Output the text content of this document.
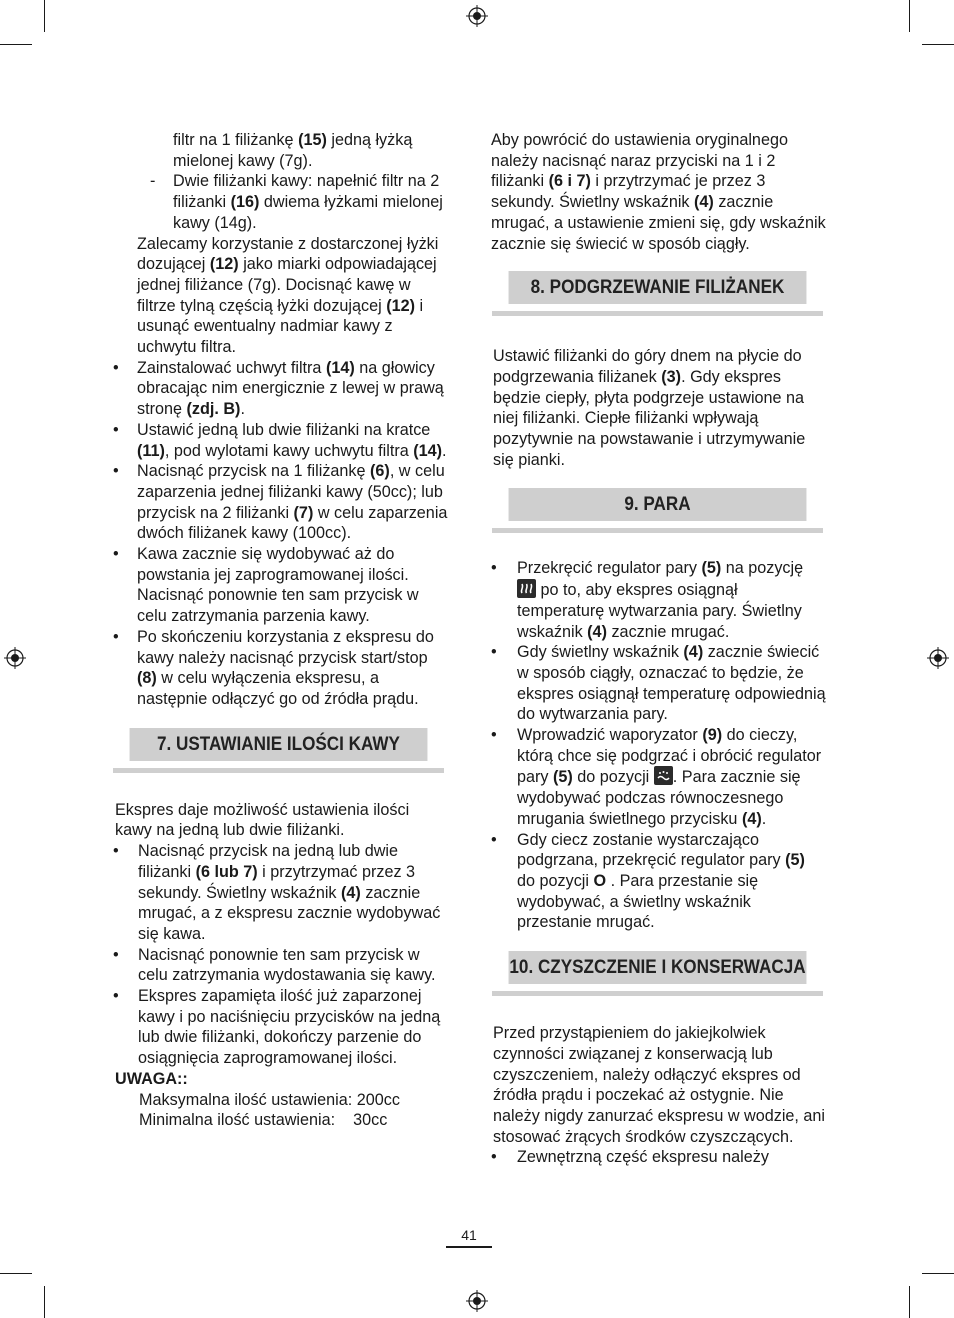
filtr na 1 filiżankę (15) jedną łyżką mielonej kawy (7g).

- Dwie filiżanki kawy: napełnić filtr na 2 filiżanki (16) dwiema łyżkami mielonej kawy (14g).

Zalecamy korzystanie z dostarczonej łyżki dozującej (12) jako miarki odpowiadającej jednej filiżance (7g). Docisnąć kawę w filtrze tylną częścią łyżki dozującej (12) i usunąć ewentualny nadmiar kawy z uchwytu filtra.

• Zainstalować uchwyt filtra (14) na głowicy obracając nim energicznie z lewej w prawą stronę (zdj. B).

• Ustawić jedną lub dwie filiżanki na kratce (11), pod wylotami kawy uchwytu filtra (14).

• Nacisnąć przycisk na 1 filiżankę (6), w celu zaparzenia jednej filiżanki kawy (50cc); lub przycisk na 2 filiżanki (7) w celu zaparzenia dwóch filiżanek kawy (100cc).

• Kawa zacznie się wydobywać aż do powstania jej zaprogramowanej ilości. Nacisnąć ponownie ten sam przycisk w celu zatrzymania parzenia kawy.

• Po skończeniu korzystania z ekspresu do kawy należy nacisnąć przycisk start/stop (8) w celu wyłączenia ekspresu, a następnie odłączyć go od źródła prądu.

7. USTAWIANIE ILOŚCI KAWY

Ekspres daje możliwość ustawienia ilości kawy na jedną lub dwie filiżanki.

• Nacisnąć przycisk na jedną lub dwie filiżanki (6 lub 7) i przytrzymać przez 3 sekundy. Świetlny wskaźnik (4) zacznie mrugać, a z ekspresu zacznie wydobywać się kawa.

• Nacisnąć ponownie ten sam przycisk w celu zatrzymania wydostawania się kawy.

• Ekspres zapamięta ilość już zaparzonej kawy i po naciśnięciu przycisków na jedną lub dwie filiżanki, dokończy parzenie do osiągnięcia zaprogramowanej ilości.

UWAGA::

Maksymalna ilość ustawienia: 200cc

Minimalna ilość ustawienia:    30cc

Aby powrócić do ustawienia oryginalnego należy nacisnąć naraz przyciski na 1 i 2 filiżanki (6 i 7) i przytrzymać je przez 3 sekundy. Świetlny wskaźnik (4) zacznie mrugać, a ustawienie zmieni się, gdy wskaźnik zacznie się świecić w sposób ciągły.

8. PODGRZEWANIE FILIŻANEK

Ustawić filiżanki do góry dnem na płycie do podgrzewania filiżanek (3). Gdy ekspres będzie ciepły, płyta podgrzeje ustawione na niej filiżanki. Ciepłe filiżanki wpływają pozytywnie na powstawanie i utrzymywanie się pianki.

9. PARA

• Przekręcić regulator pary (5) na pozycję
po to, aby ekspres osiągnął temperaturę wytwarzania pary. Świetlny wskaźnik (4) zacznie mrugać.

• Gdy świetlny wskaźnik (4) zacznie świecić w sposób ciągły, oznaczać to będzie, że ekspres osiągnął temperaturę odpowiednią do wytwarzania pary.

• Wprowadzić waporyzator (9) do cieczy, którą chce się podgrzać i obrócić regulator pary (5) do pozycji
. Para zacznie się wydobywać podczas równoczesnego mrugania świetlnego przycisku (4).

• Gdy ciecz zostanie wystarczająco podgrzana, przekręcić regulator pary (5) do pozycji O . Para przestanie się wydobywać, a świetlny wskaźnik przestanie mrugać.

10. CZYSZCZENIE I KONSERWACJA

Przed przystąpieniem do jakiejkolwiek czynności związanej z konserwacją lub czyszczeniem, należy odłączyć ekspres od źródła prądu i poczekać aż ostygnie. Nie należy nigdy zanurzać ekspresu w wodzie, ani stosować żrących środków czyszczących.

• Zewnętrzną część ekspresu należy

41
